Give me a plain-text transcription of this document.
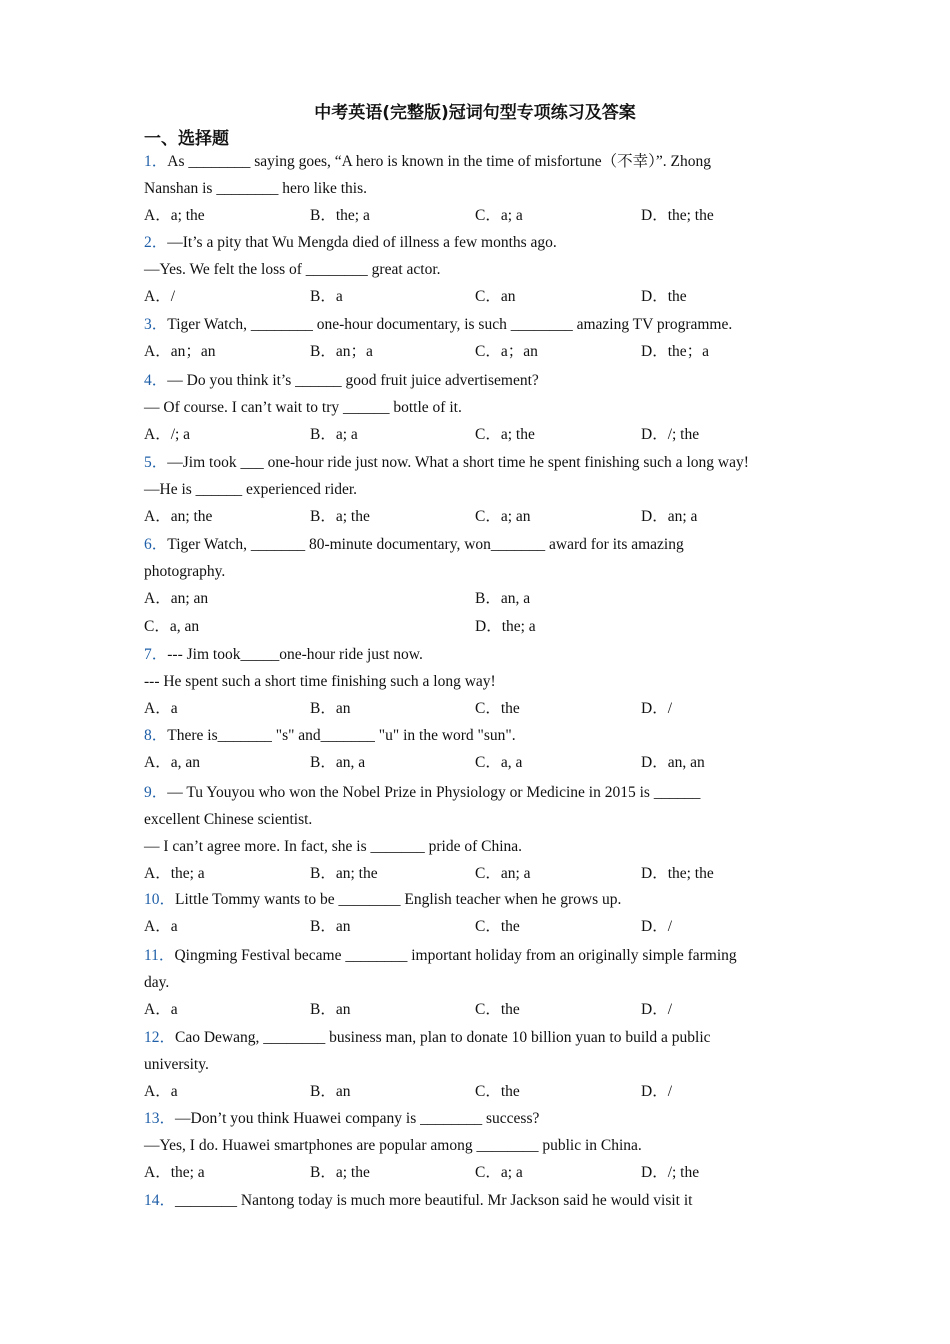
中考英语(完整版)冠词句型专项练习及答案
一、选择题
1．As ________ saying goes, “A hero is known in the time of misfortune（不幸）”. Zhong
Nanshan is ________ hero like this.
A．a; the	B．the; a	C．a; a	D．the; the
2．—It’s a pity that Wu Mengda died of illness a few months ago.
—Yes. We felt the loss of ________ great actor.
A．/	B．a	C．an	D．the
3．Tiger Watch, ________ one-hour documentary, is such ________ amazing TV programme.
A．an；an	B．an；a	C．a；an	D．the；a
4．— Do you think it’s ______ good fruit juice advertisement?
— Of course. I can’t wait to try ______ bottle of it.
A．/; a	B．a; a	C．a; the	D．/; the
5．—Jim took ___ one-hour ride just now. What a short time he spent finishing such a long way!
—He is ______ experienced rider.
A．an; the	B．a; the	C．a; an	D．an; a
6．Tiger Watch, _______ 80-minute documentary, won_______ award for its amazing
photography.
A．an; an	B．an, a
C．a, an	D．the; a
7．--- Jim took_____one-hour ride just now.
--- He spent such a short time finishing such a long way!
A．a	B．an	C．the	D．/
8．There is_______ "s" and_______ "u" in the word "sun".
A．a, an	B．an, a	C．a, a	D．an, an
9．— Tu Youyou who won the Nobel Prize in Physiology or Medicine in 2015 is ______
excellent Chinese scientist.
— I can’t agree more. In fact, she is _______ pride of China.
A．the; a	B．an; the	C．an; a	D．the; the
10．Little Tommy wants to be ________ English teacher when he grows up.
A．a	B．an	C．the	D．/
11．Qingming Festival became ________ important holiday from an originally simple farming
day.
A．a	B．an	C．the	D．/
12．Cao Dewang, ________ business man, plan to donate 10 billion yuan to build a public
university.
A．a	B．an	C．the	D．/
13．—Don’t you think Huawei company is ________ success?
—Yes, I do. Huawei smartphones are popular among ________ public in China.
A．the; a	B．a; the	C．a; a	D．/; the
14．________ Nantong today is much more beautiful. Mr Jackson said he would visit it
